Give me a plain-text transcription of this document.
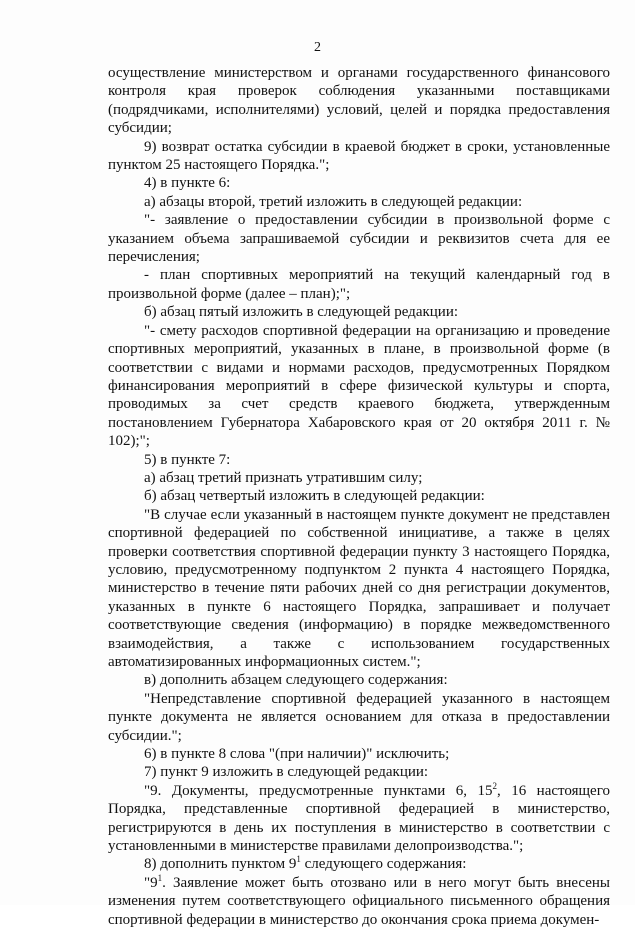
2

осуществление министерством и органами государственного финансового контроля края проверок соблюдения указанными поставщиками (подрядчиками, исполнителями) условий, целей и порядка предоставления субсидии;

9) возврат остатка субсидии в краевой бюджет в сроки, установленные пунктом 25 настоящего Порядка.";

4) в пункте 6:

а) абзацы второй, третий изложить в следующей редакции:

"- заявление о предоставлении субсидии в произвольной форме с указанием объема запрашиваемой субсидии и реквизитов счета для ее перечисления;

- план спортивных мероприятий на текущий календарный год в произвольной форме (далее – план);";

б) абзац пятый изложить в следующей редакции:

"- смету расходов спортивной федерации на организацию и проведение спортивных мероприятий, указанных в плане, в произвольной форме (в соответствии с видами и нормами расходов, предусмотренных Порядком финансирования мероприятий в сфере физической культуры и спорта, проводимых за счет средств краевого бюджета, утвержденным постановлением Губернатора Хабаровского края от 20 октября 2011 г. № 102);";

5) в пункте 7:

а) абзац третий признать утратившим силу;

б) абзац четвертый изложить в следующей редакции:

"В случае если указанный в настоящем пункте документ не представлен спортивной федерацией по собственной инициативе, а также в целях проверки соответствия спортивной федерации пункту 3 настоящего Порядка, условию, предусмотренному подпунктом 2 пункта 4 настоящего Порядка, министерство в течение пяти рабочих дней со дня регистрации документов, указанных в пункте 6 настоящего Порядка, запрашивает и получает соответствующие сведения (информацию) в порядке межведомственного взаимодействия, а также с использованием государственных автоматизированных информационных систем.";

в) дополнить абзацем следующего содержания:

"Непредставление спортивной федерацией указанного в настоящем пункте документа не является основанием для отказа в предоставлении субсидии.";

6) в пункте 8 слова "(при наличии)" исключить;

7) пункт 9 изложить в следующей редакции:

"9. Документы, предусмотренные пунктами 6, $15^2$, 16 настоящего Порядка, представленные спортивной федерацией в министерство, регистрируются в день их поступления в министерство в соответствии с установленными в министерстве правилами делопроизводства.";

8) дополнить пунктом $9^1$ следующего содержания:

"$9^1$. Заявление может быть отозвано или в него могут быть внесены изменения путем соответствующего официального письменного обращения спортивной федерации в министерство до окончания срока приема докумен-
